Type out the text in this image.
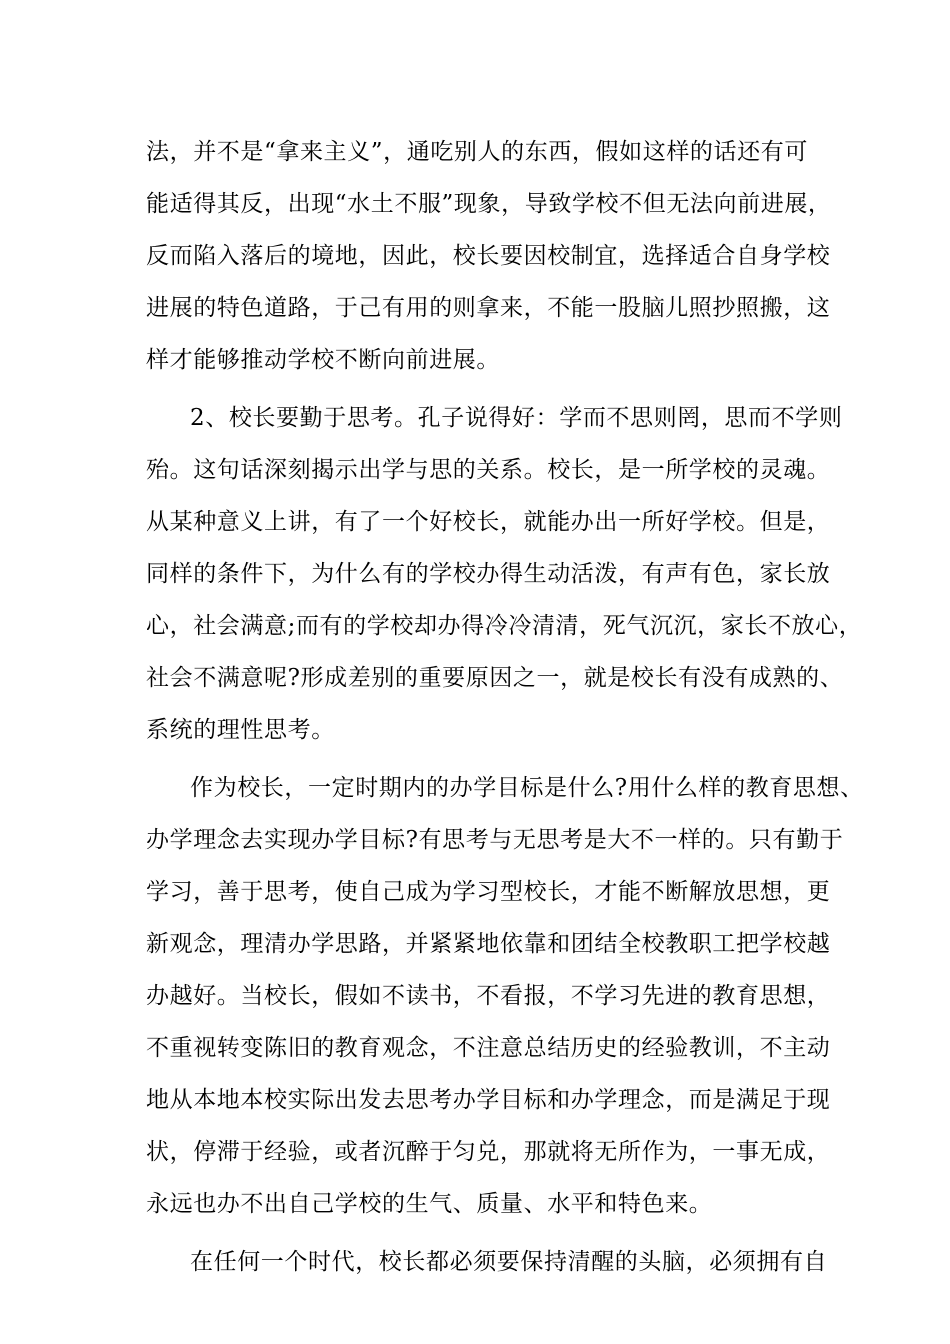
法，并不是“拿来主义”，通吃别人的东西，假如这样的话还有可
能适得其反，出现“水土不服”现象，导致学校不但无法向前进展，
反而陷入落后的境地，因此，校长要因校制宜，选择适合自身学校
进展的特色道路，于己有用的则拿来，不能一股脑儿照抄照搬，这
样才能够推动学校不断向前进展。
2、校长要勤于思考。孔子说得好：学而不思则罔，思而不学则
殆。这句话深刻揭示出学与思的关系。校长，是一所学校的灵魂。
从某种意义上讲，有了一个好校长，就能办出一所好学校。但是，
同样的条件下，为什么有的学校办得生动活泼，有声有色，家长放
心，社会满意;而有的学校却办得冷冷清清，死气沉沉，家长不放心，
社会不满意呢?形成差别的重要原因之一，就是校长有没有成熟的、
系统的理性思考。
作为校长，一定时期内的办学目标是什么?用什么样的教育思想、
办学理念去实现办学目标?有思考与无思考是大不一样的。只有勤于
学习，善于思考，使自己成为学习型校长，才能不断解放思想，更
新观念，理清办学思路，并紧紧地依靠和团结全校教职工把学校越
办越好。当校长，假如不读书，不看报，不学习先进的教育思想，
不重视转变陈旧的教育观念，不注意总结历史的经验教训，不主动
地从本地本校实际出发去思考办学目标和办学理念，而是满足于现
状，停滞于经验，或者沉醉于匀兑，那就将无所作为，一事无成，
永远也办不出自己学校的生气、质量、水平和特色来。
在任何一个时代，校长都必须要保持清醒的头脑，必须拥有自
